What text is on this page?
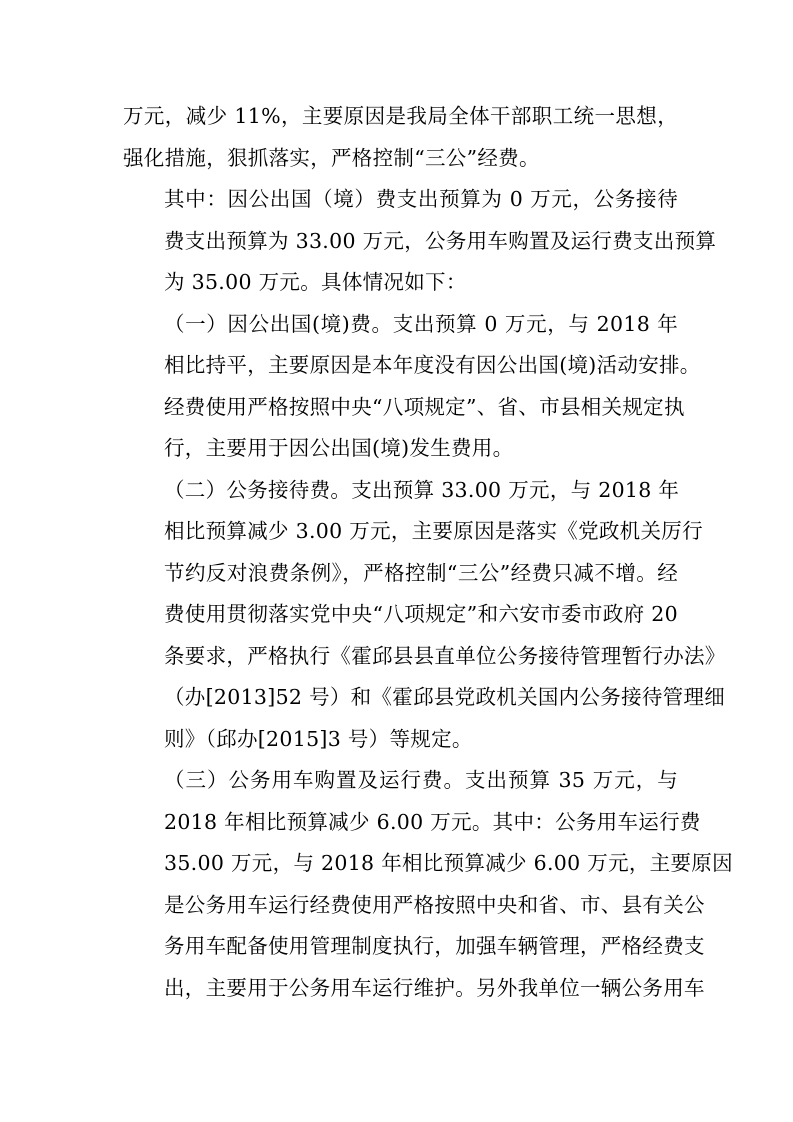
万元，减少 11%，主要原因是我局全体干部职工统一思想，
强化措施，狠抓落实，严格控制“三公”经费。

其中：因公出国（境）费支出预算为 0 万元，公务接待
费支出预算为 33.00 万元，公务用车购置及运行费支出预算
为 35.00 万元。具体情况如下：

（一）因公出国(境)费。支出预算 0 万元，与 2018 年
相比持平，主要原因是本年度没有因公出国(境)活动安排。
经费使用严格按照中央“八项规定”、省、市县相关规定执
行，主要用于因公出国(境)发生费用。

（二）公务接待费。支出预算 33.00 万元，与 2018 年
相比预算减少 3.00 万元，主要原因是落实《党政机关厉行
节约反对浪费条例》，严格控制“三公”经费只减不增。经
费使用贯彻落实党中央“八项规定”和六安市委市政府 20
条要求，严格执行《霍邱县县直单位公务接待管理暂行办法》
（办[2013]52 号）和《霍邱县党政机关国内公务接待管理细
则》（邱办[2015]3 号）等规定。

（三）公务用车购置及运行费。支出预算 35 万元，与
2018 年相比预算减少 6.00 万元。其中：公务用车运行费
35.00 万元，与 2018 年相比预算减少 6.00 万元，主要原因
是公务用车运行经费使用严格按照中央和省、市、县有关公
务用车配备使用管理制度执行，加强车辆管理，严格经费支
出，主要用于公务用车运行维护。另外我单位一辆公务用车
